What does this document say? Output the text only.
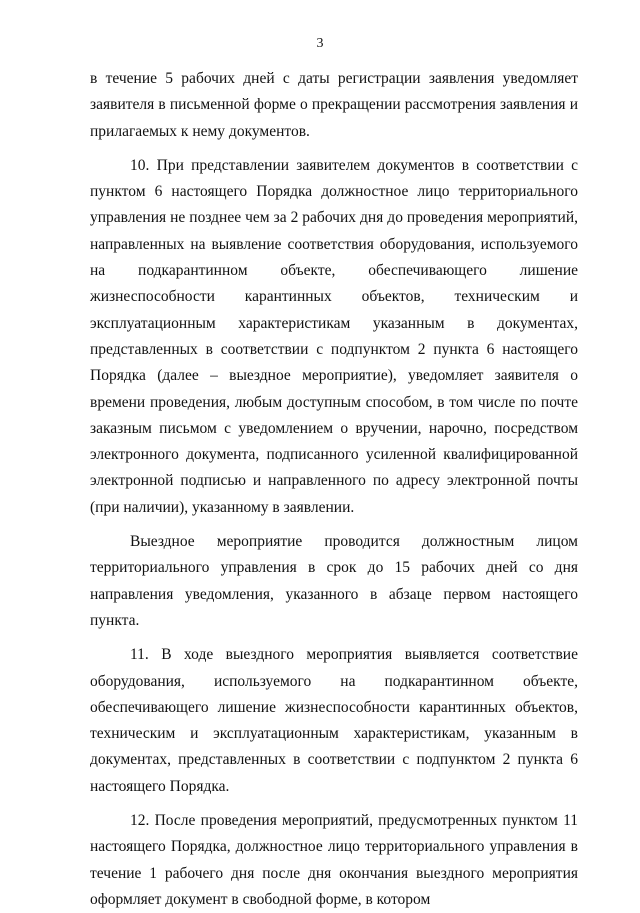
3

в течение 5 рабочих дней с даты регистрации заявления уведомляет заявителя в письменной форме о прекращении рассмотрения заявления и прилагаемых к нему документов.

10. При представлении заявителем документов в соответствии с пунктом 6 настоящего Порядка должностное лицо территориального управления не позднее чем за 2 рабочих дня до проведения мероприятий, направленных на выявление соответствия оборудования, используемого на подкарантинном объекте, обеспечивающего лишение жизнеспособности карантинных объектов, техническим и эксплуатационным характеристикам указанным в документах, представленных в соответствии с подпунктом 2 пункта 6 настоящего Порядка (далее – выездное мероприятие), уведомляет заявителя о времени проведения, любым доступным способом, в том числе по почте заказным письмом с уведомлением о вручении, нарочно, посредством электронного документа, подписанного усиленной квалифицированной электронной подписью и направленного по адресу электронной почты (при наличии), указанному в заявлении.

Выездное мероприятие проводится должностным лицом территориального управления в срок до 15 рабочих дней со дня направления уведомления, указанного в абзаце первом настоящего пункта.

11. В ходе выездного мероприятия выявляется соответствие оборудования, используемого на подкарантинном объекте, обеспечивающего лишение жизнеспособности карантинных объектов, техническим и эксплуатационным характеристикам, указанным в документах, представленных в соответствии с подпунктом 2 пункта 6 настоящего Порядка.

12. После проведения мероприятий, предусмотренных пунктом 11 настоящего Порядка, должностное лицо территориального управления в течение 1 рабочего дня после дня окончания выездного мероприятия оформляет документ в свободной форме, в котором
